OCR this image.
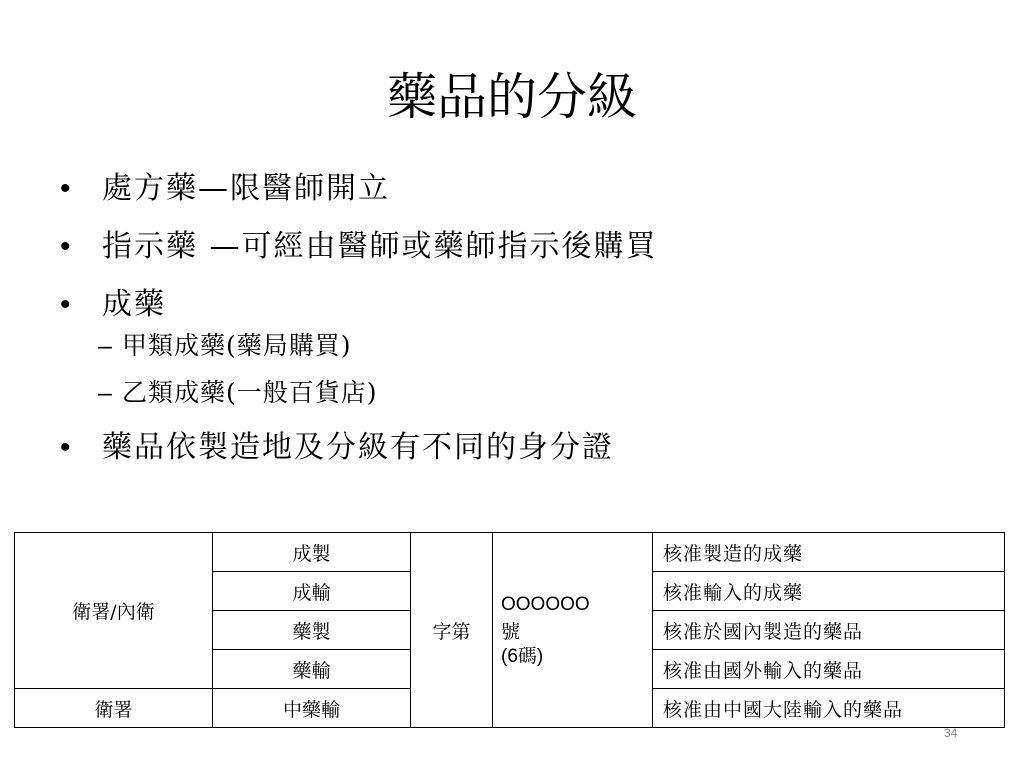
藥品的分級
• 處方藥—限醫師開立
• 指示藥 —可經由醫師或藥師指示後購買
• 成藥
– 甲類成藥(藥局購買)
– 乙類成藥(一般百貨店)
• 藥品依製造地及分級有不同的身分證
衛署/內衛	成製	字第	OOOOOO
號
(6碼)	核准製造的成藥
	成輸			核准輸入的成藥
	藥製			核准於國內製造的藥品
	藥輸			核准由國外輸入的藥品
衛署	中藥輸			核准由中國大陸輸入的藥品
34
